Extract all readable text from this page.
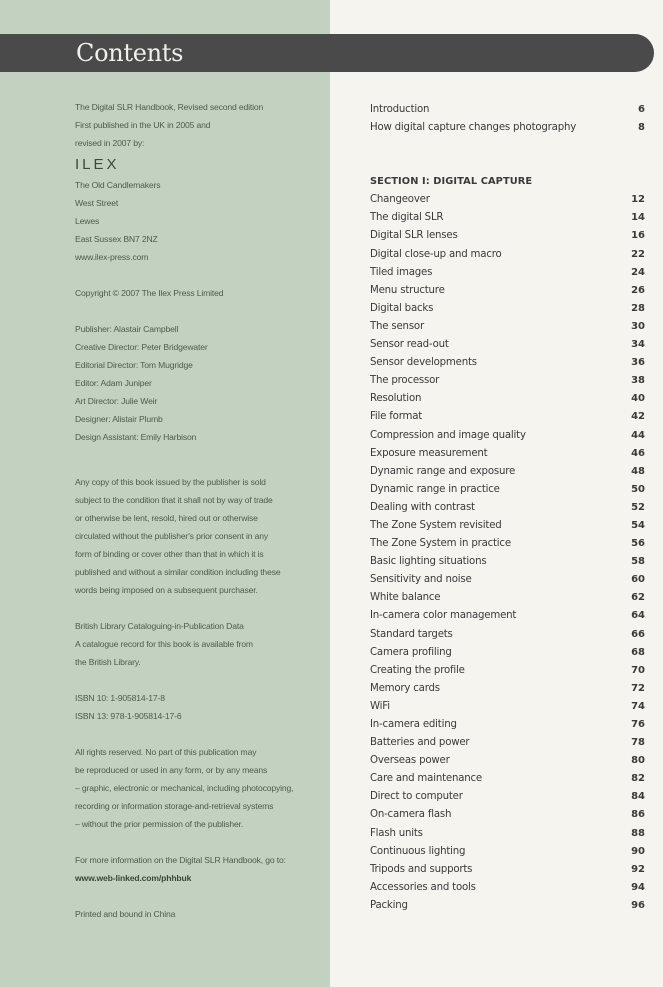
Contents
The Digital SLR Handbook, Revised second edition
First published in the UK in 2005 and
revised in 2007 by:
ILEX
The Old Candlemakers
West Street
Lewes
East Sussex BN7 2NZ
www.ilex-press.com
Copyright © 2007 The Ilex Press Limited
Publisher: Alastair Campbell
Creative Director: Peter Bridgewater
Editorial Director: Tom Mugridge
Editor: Adam Juniper
Art Director: Julie Weir
Designer: Alistair Plumb
Design Assistant: Emily Harbison
Any copy of this book issued by the publisher is sold
subject to the condition that it shall not by way of trade
or otherwise be lent, resold, hired out or otherwise
circulated without the publisher's prior consent in any
form of binding or cover other than that in which it is
published and without a similar condition including these
words being imposed on a subsequent purchaser.
British Library Cataloguing-in-Publication Data
A catalogue record for this book is available from
the British Library.
ISBN 10: 1-905814-17-8
ISBN 13: 978-1-905814-17-6
All rights reserved. No part of this publication may
be reproduced or used in any form, or by any means
– graphic, electronic or mechanical, including photocopying,
recording or information storage-and-retrieval systems
– without the prior permission of the publisher.
For more information on the Digital SLR Handbook, go to:
www.web-linked.com/phhbuk
Printed and bound in China
Introduction	6
How digital capture changes photography	8
SECTION I: DIGITAL CAPTURE
Changeover	12
The digital SLR	14
Digital SLR lenses	16
Digital close-up and macro	22
Tiled images	24
Menu structure	26
Digital backs	28
The sensor	30
Sensor read-out	34
Sensor developments	36
The processor	38
Resolution	40
File format	42
Compression and image quality	44
Exposure measurement	46
Dynamic range and exposure	48
Dynamic range in practice	50
Dealing with contrast	52
The Zone System revisited	54
The Zone System in practice	56
Basic lighting situations	58
Sensitivity and noise	60
White balance	62
In-camera color management	64
Standard targets	66
Camera profiling	68
Creating the profile	70
Memory cards	72
WiFi	74
In-camera editing	76
Batteries and power	78
Overseas power	80
Care and maintenance	82
Direct to computer	84
On-camera flash	86
Flash units	88
Continuous lighting	90
Tripods and supports	92
Accessories and tools	94
Packing	96
